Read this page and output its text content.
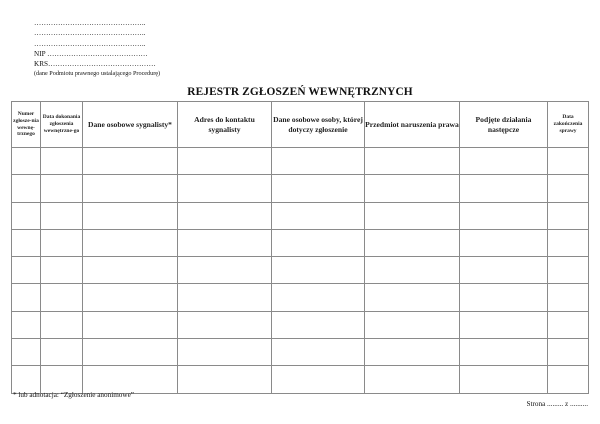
………………………………………..
………………………………………..
………………………………………..
NIP ……………………………………
KRS………………………………………
(dane Podmiotu prawnego ustalającego Procedurę)
REJESTR ZGŁOSZEŃ WEWNĘTRZNYCH
Numer zgłosze-nia wewnę-trznego	Data dokonania zgłoszenia wewnętrzne-go	Dane osobowe sygnalisty*	Adres do kontaktu sygnalisty	Dane osobowe osoby, której dotyczy zgłoszenie	Przedmiot naruszenia prawa	Podjęte działania następcze	Data zakończenia sprawy

* lub adnotacja: “Zgłoszenie anonimowe”
Strona ......... z ..........
